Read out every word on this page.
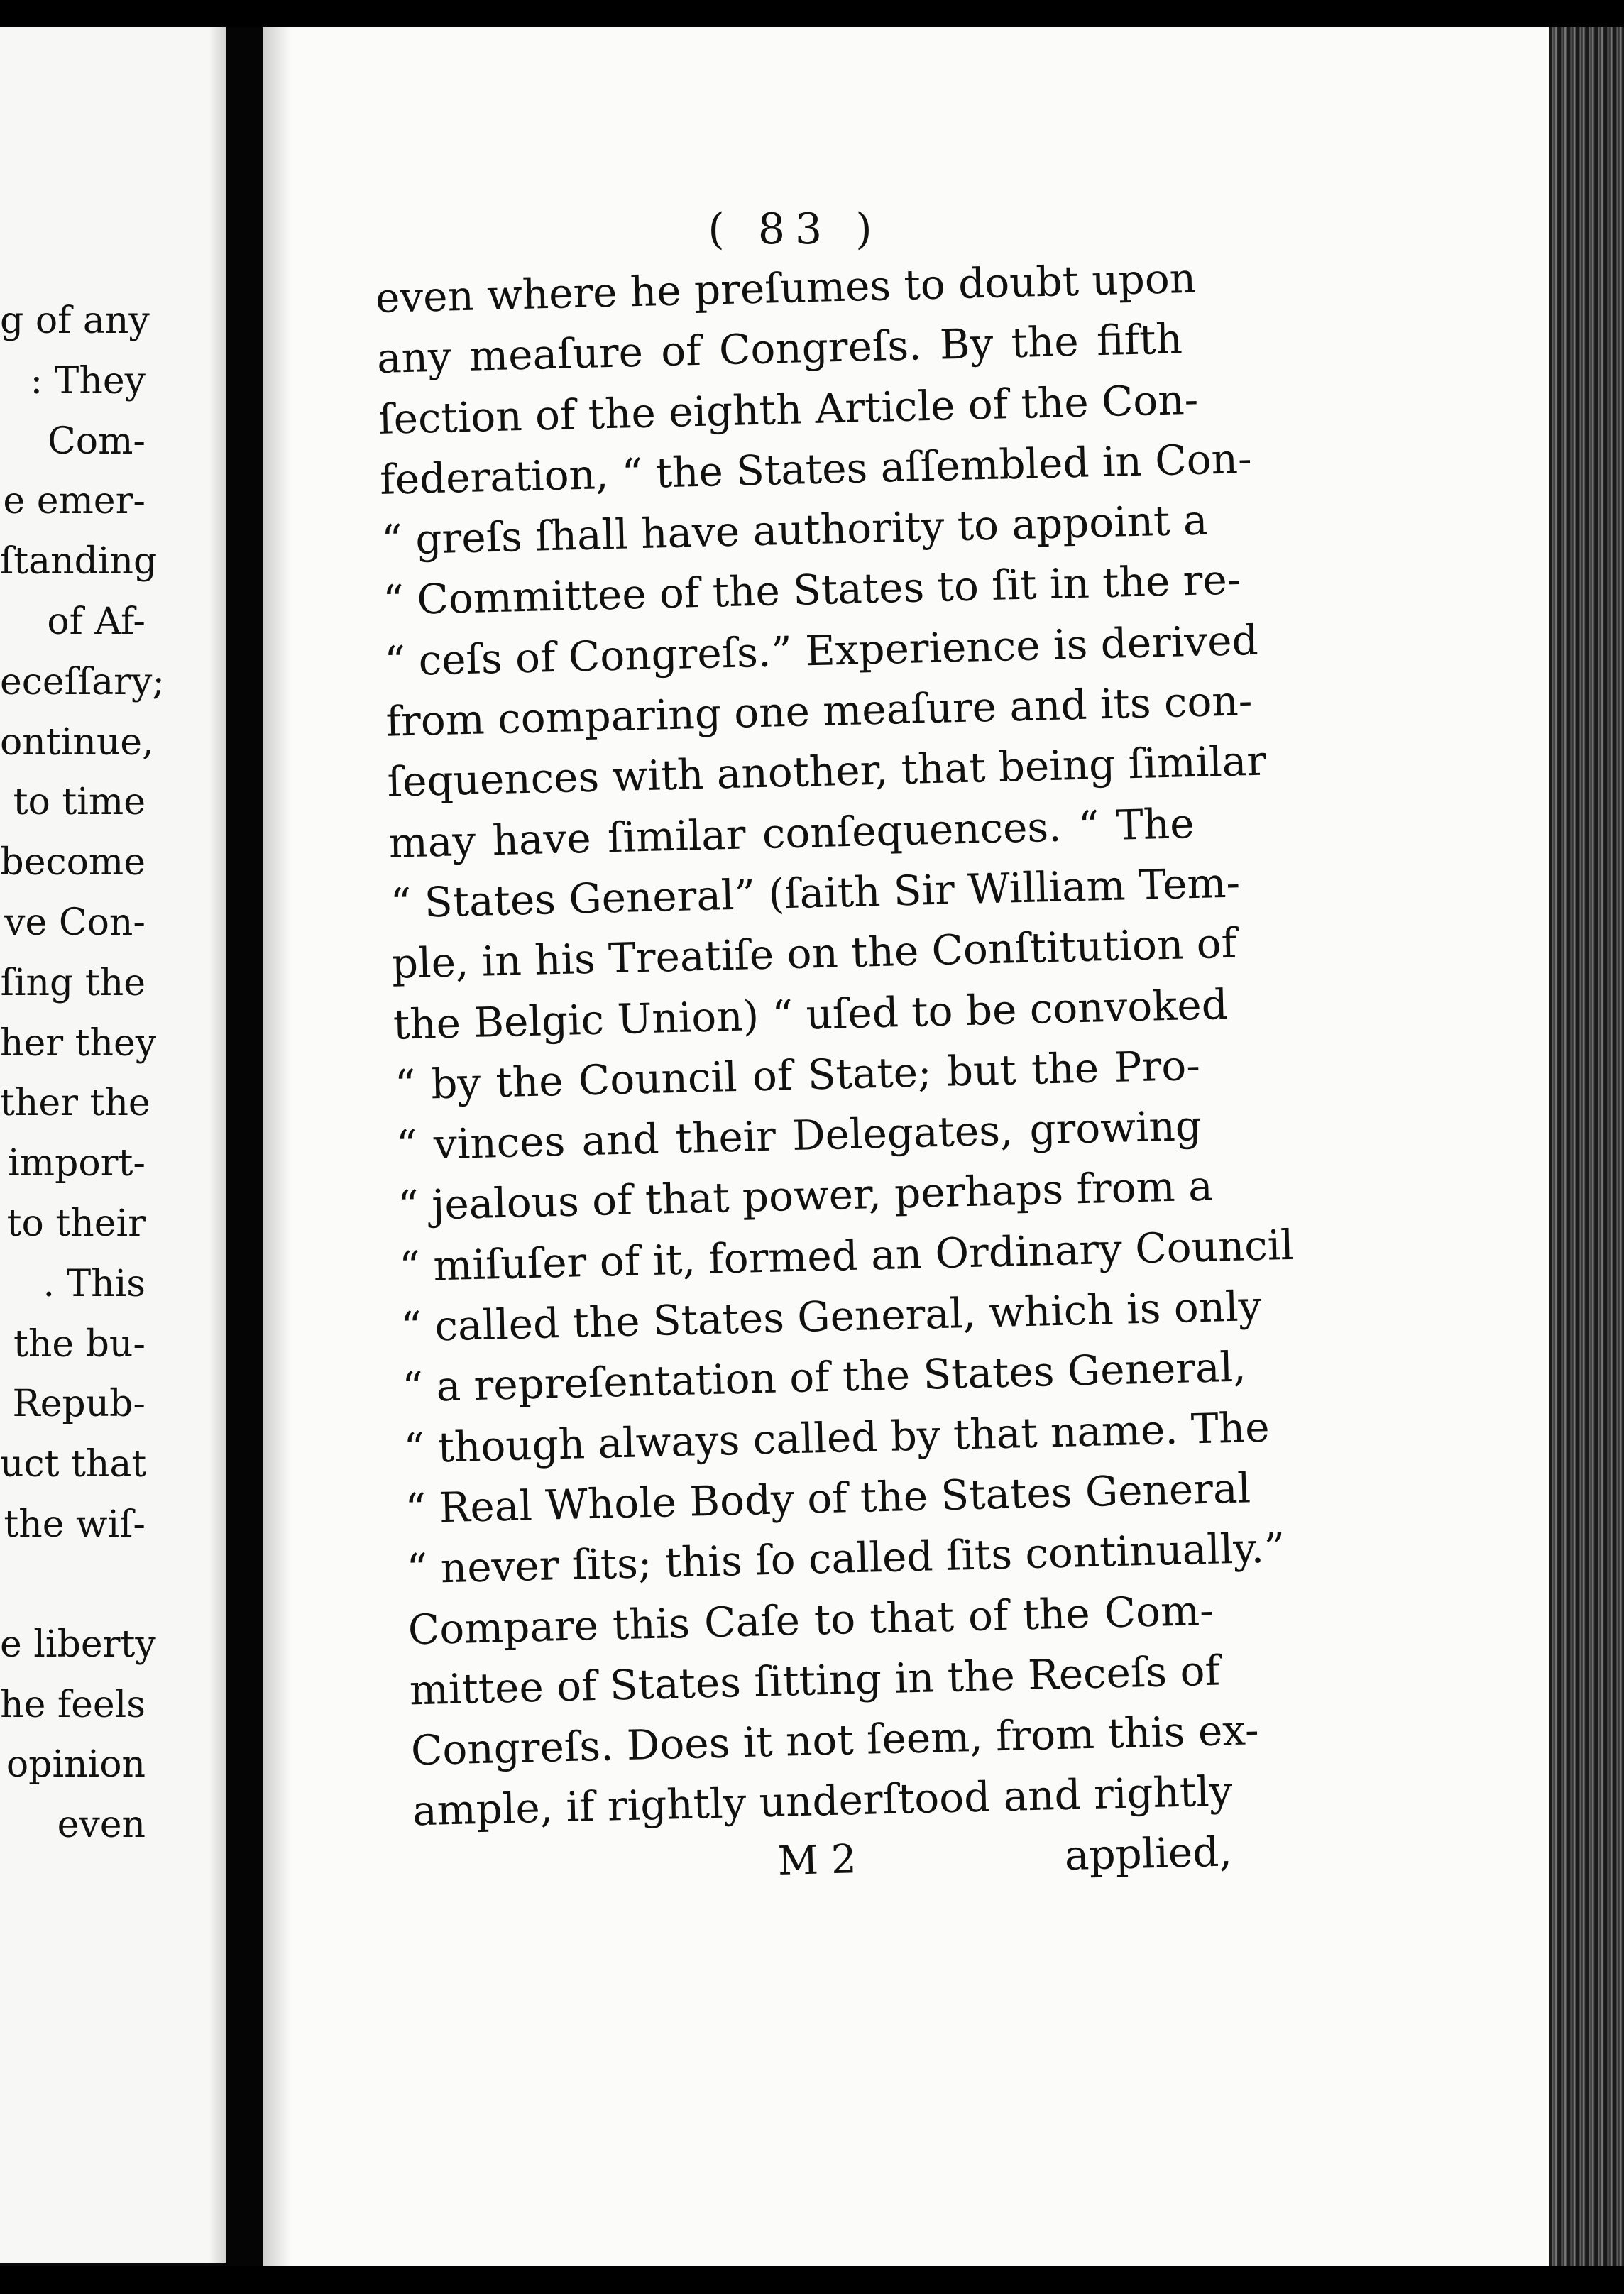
g of any
: They
Com-
e emer-
ſtanding
of Af-
eceſſary;
ontinue,
to time
become
ve Con-
ſing the
her they
ther the
import-
to their
. This
the bu-
Repub-
uct that
the wiſ-
e liberty
he feels
opinion
even
( 83 )
even where he preſumes to doubt upon
any meaſure of Congreſs. By the fifth
ſection of the eighth Article of the Con-
federation, “ the States aſſembled in Con-
“ greſs ſhall have authority to appoint a
“ Committee of the States to ſit in the re-
“ ceſs of Congreſs.” Experience is derived
from comparing one meaſure and its con-
ſequences with another, that being ſimilar
may have ſimilar conſequences. “ The
“ States General” (ſaith Sir William Tem-
ple, in his Treatiſe on the Conſtitution of
the Belgic Union) “ uſed to be convoked
“ by the Council of State; but the Pro-
“ vinces and their Delegates, growing
“ jealous of that power, perhaps from a
“ miſuſer of it, formed an Ordinary Council
“ called the States General, which is only
“ a repreſentation of the States General,
“ though always called by that name. The
“ Real Whole Body of the States General
“ never ſits; this ſo called ſits continually.”
Compare this Caſe to that of the Com-
mittee of States ſitting in the Receſs of
Congreſs. Does it not ſeem, from this ex-
ample, if rightly underſtood and rightly
M 2	applied,
